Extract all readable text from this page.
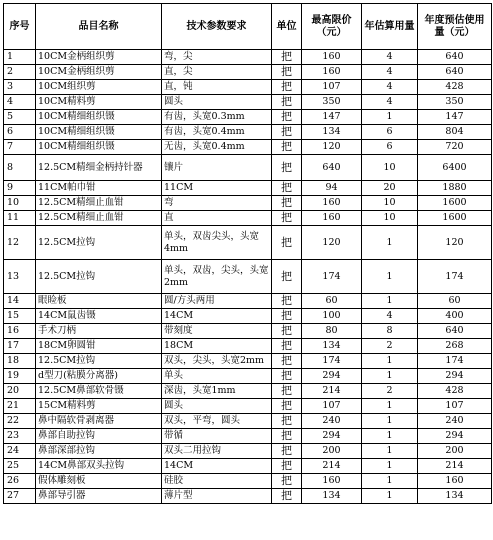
序号	品目名称	技术参数要求	单位	最高限价（元）	年估算用量	年度预估使用量（元）
1	10CM金柄组织剪	弯，尖	把	160	4	640
2	10CM金柄组织剪	直，尖	把	160	4	640
3	10CM组织剪	直，钝	把	107	4	428
4	10CM精料剪	圆头	把	350	4	350
5	10CM精细组织镊	有齿，头宽0.3mm	把	147	1	147
6	10CM精细组织镊	有齿，头宽0.4mm	把	134	6	804
7	10CM精细组织镊	无齿，头宽0.4mm	把	120	6	720
8	12.5CM精细金柄持针器	镶片	把	640	10	6400
9	11CM帕巾钳	11CM	把	94	20	1880
10	12.5CM精细止血钳	弯	把	160	10	1600
11	12.5CM精细止血钳	直	把	160	10	1600
12	12.5CM拉钩	单头，双齿尖头，头宽4mm	把	120	1	120
13	12.5CM拉钩	单头，双齿，尖头，头宽2mm	把	174	1	174
14	眼睑板	圆/方头两用	把	60	1	60
15	14CM鼠齿镊	14CM	把	100	4	400
16	手术刀柄	带刻度	把	80	8	640
17	18CM卵圆钳	18CM	把	134	2	268
18	12.5CM拉钩	双头，尖头，头宽2mm	把	174	1	174
19	d型刀(粘膜分离器)	单头	把	294	1	294
20	12.5CM鼻部软骨镊	深齿，头宽1mm	把	214	2	428
21	15CM精料剪	圆头	把	107	1	107
22	鼻中隔软骨剥离器	双头，平弯，圆头	把	240	1	240
23	鼻部自助拉钩	带循	把	294	1	294
24	鼻部深部拉钩	双头二用拉钩	把	200	1	200
25	14CM鼻部双头拉钩	14CM	把	214	1	214
26	假体雕刻板	硅胶	把	160	1	160
27	鼻部导引器	薄片型	把	134	1	134
